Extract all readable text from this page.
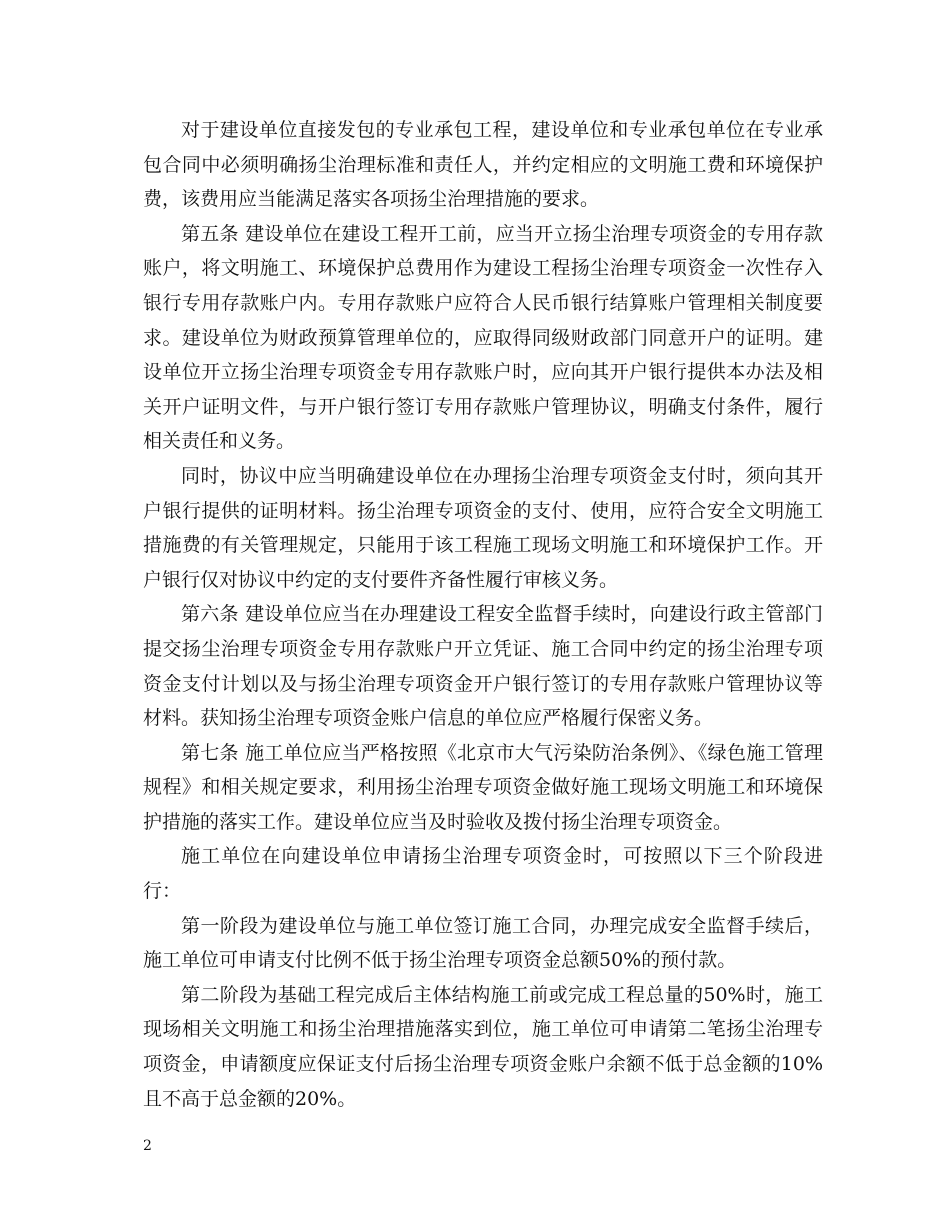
对于建设单位直接发包的专业承包工程，建设单位和专业承包单位在专业承包合同中必须明确扬尘治理标准和责任人，并约定相应的文明施工费和环境保护费，该费用应当能满足落实各项扬尘治理措施的要求。

第五条 建设单位在建设工程开工前，应当开立扬尘治理专项资金的专用存款账户，将文明施工、环境保护总费用作为建设工程扬尘治理专项资金一次性存入银行专用存款账户内。专用存款账户应符合人民币银行结算账户管理相关制度要求。建设单位为财政预算管理单位的，应取得同级财政部门同意开户的证明。建设单位开立扬尘治理专项资金专用存款账户时，应向其开户银行提供本办法及相关开户证明文件，与开户银行签订专用存款账户管理协议，明确支付条件，履行相关责任和义务。

同时，协议中应当明确建设单位在办理扬尘治理专项资金支付时，须向其开户银行提供的证明材料。扬尘治理专项资金的支付、使用，应符合安全文明施工措施费的有关管理规定，只能用于该工程施工现场文明施工和环境保护工作。开户银行仅对协议中约定的支付要件齐备性履行审核义务。

第六条 建设单位应当在办理建设工程安全监督手续时，向建设行政主管部门提交扬尘治理专项资金专用存款账户开立凭证、施工合同中约定的扬尘治理专项资金支付计划以及与扬尘治理专项资金开户银行签订的专用存款账户管理协议等材料。获知扬尘治理专项资金账户信息的单位应严格履行保密义务。

第七条 施工单位应当严格按照《北京市大气污染防治条例》、《绿色施工管理规程》和相关规定要求，利用扬尘治理专项资金做好施工现场文明施工和环境保护措施的落实工作。建设单位应当及时验收及拨付扬尘治理专项资金。

施工单位在向建设单位申请扬尘治理专项资金时，可按照以下三个阶段进行：

第一阶段为建设单位与施工单位签订施工合同，办理完成安全监督手续后，施工单位可申请支付比例不低于扬尘治理专项资金总额50%的预付款。

第二阶段为基础工程完成后主体结构施工前或完成工程总量的50%时，施工现场相关文明施工和扬尘治理措施落实到位，施工单位可申请第二笔扬尘治理专项资金，申请额度应保证支付后扬尘治理专项资金账户余额不低于总金额的10%且不高于总金额的20%。

2
